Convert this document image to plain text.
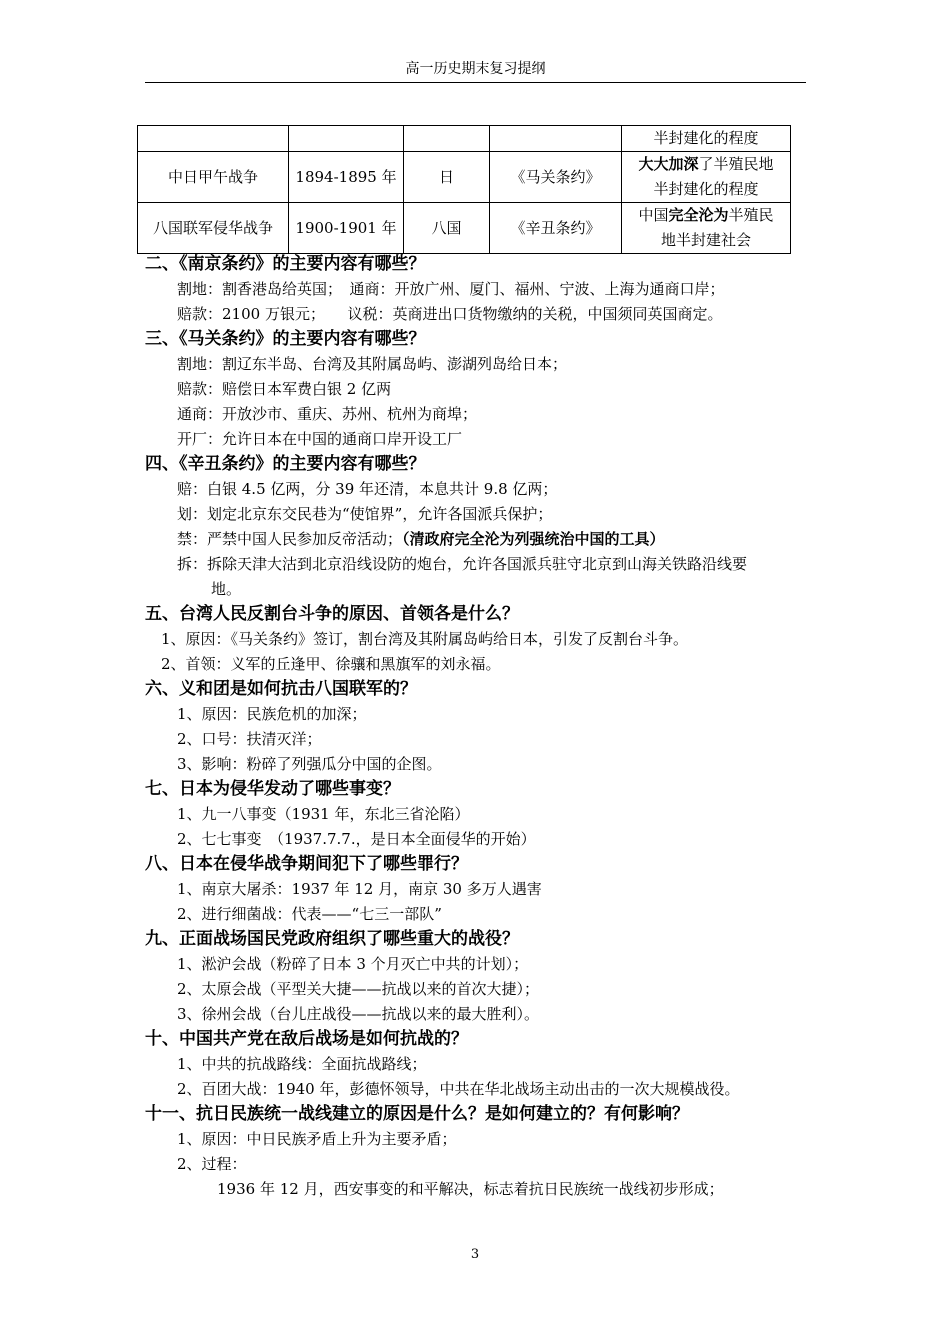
高一历史期末复习提纲
				半封建化的程度
中日甲午战争	1894-1895 年	日	《马关条约》	大大加深了半殖民地
半封建化的程度
八国联军侵华战争	1900-1901 年	八国	《辛丑条约》	中国完全沦为半殖民
地半封建社会
二、《南京条约》的主要内容有哪些？
割地：割香港岛给英国；　通商：开放广州、厦门、福州、宁波、上海为通商口岸；
赔款：2100 万银元；　　议税：英商进出口货物缴纳的关税，中国须同英国商定。
三、《马关条约》的主要内容有哪些？
割地：割辽东半岛、台湾及其附属岛屿、澎湖列岛给日本；
赔款：赔偿日本军费白银 2 亿两
通商：开放沙市、重庆、苏州、杭州为商埠；
开厂：允许日本在中国的通商口岸开设工厂
四、《辛丑条约》的主要内容有哪些？
赔：白银 4.5 亿两，分 39 年还清，本息共计 9.8 亿两；
划：划定北京东交民巷为“使馆界”，允许各国派兵保护；
禁：严禁中国人民参加反帝活动；（清政府完全沦为列强统治中国的工具）
拆：拆除天津大沽到北京沿线设防的炮台，允许各国派兵驻守北京到山海关铁路沿线要
地。
五、台湾人民反割台斗争的原因、首领各是什么？
1、原因：《马关条约》签订，割台湾及其附属岛屿给日本，引发了反割台斗争。
2、首领：义军的丘逢甲、徐骧和黑旗军的刘永福。
六、义和团是如何抗击八国联军的？
1、原因：民族危机的加深；
2、口号：扶清灭洋；
3、影响：粉碎了列强瓜分中国的企图。
七、日本为侵华发动了哪些事变？
1、九一八事变（1931 年，东北三省沦陷）
2、七七事变　（1937.7.7.，是日本全面侵华的开始）
八、日本在侵华战争期间犯下了哪些罪行？
1、南京大屠杀：1937 年 12 月，南京 30 多万人遇害
2、进行细菌战：代表——“七三一部队”
九、正面战场国民党政府组织了哪些重大的战役？
1、淞沪会战（粉碎了日本 3 个月灭亡中共的计划）；
2、太原会战（平型关大捷——抗战以来的首次大捷）；
3、徐州会战（台儿庄战役——抗战以来的最大胜利）。
十、中国共产党在敌后战场是如何抗战的？
1、中共的抗战路线：全面抗战路线；
2、百团大战：1940 年，彭德怀领导，中共在华北战场主动出击的一次大规模战役。
十一、抗日民族统一战线建立的原因是什么？是如何建立的？有何影响？
1、原因：中日民族矛盾上升为主要矛盾；
2、过程：
1936 年 12 月，西安事变的和平解决，标志着抗日民族统一战线初步形成；
3
